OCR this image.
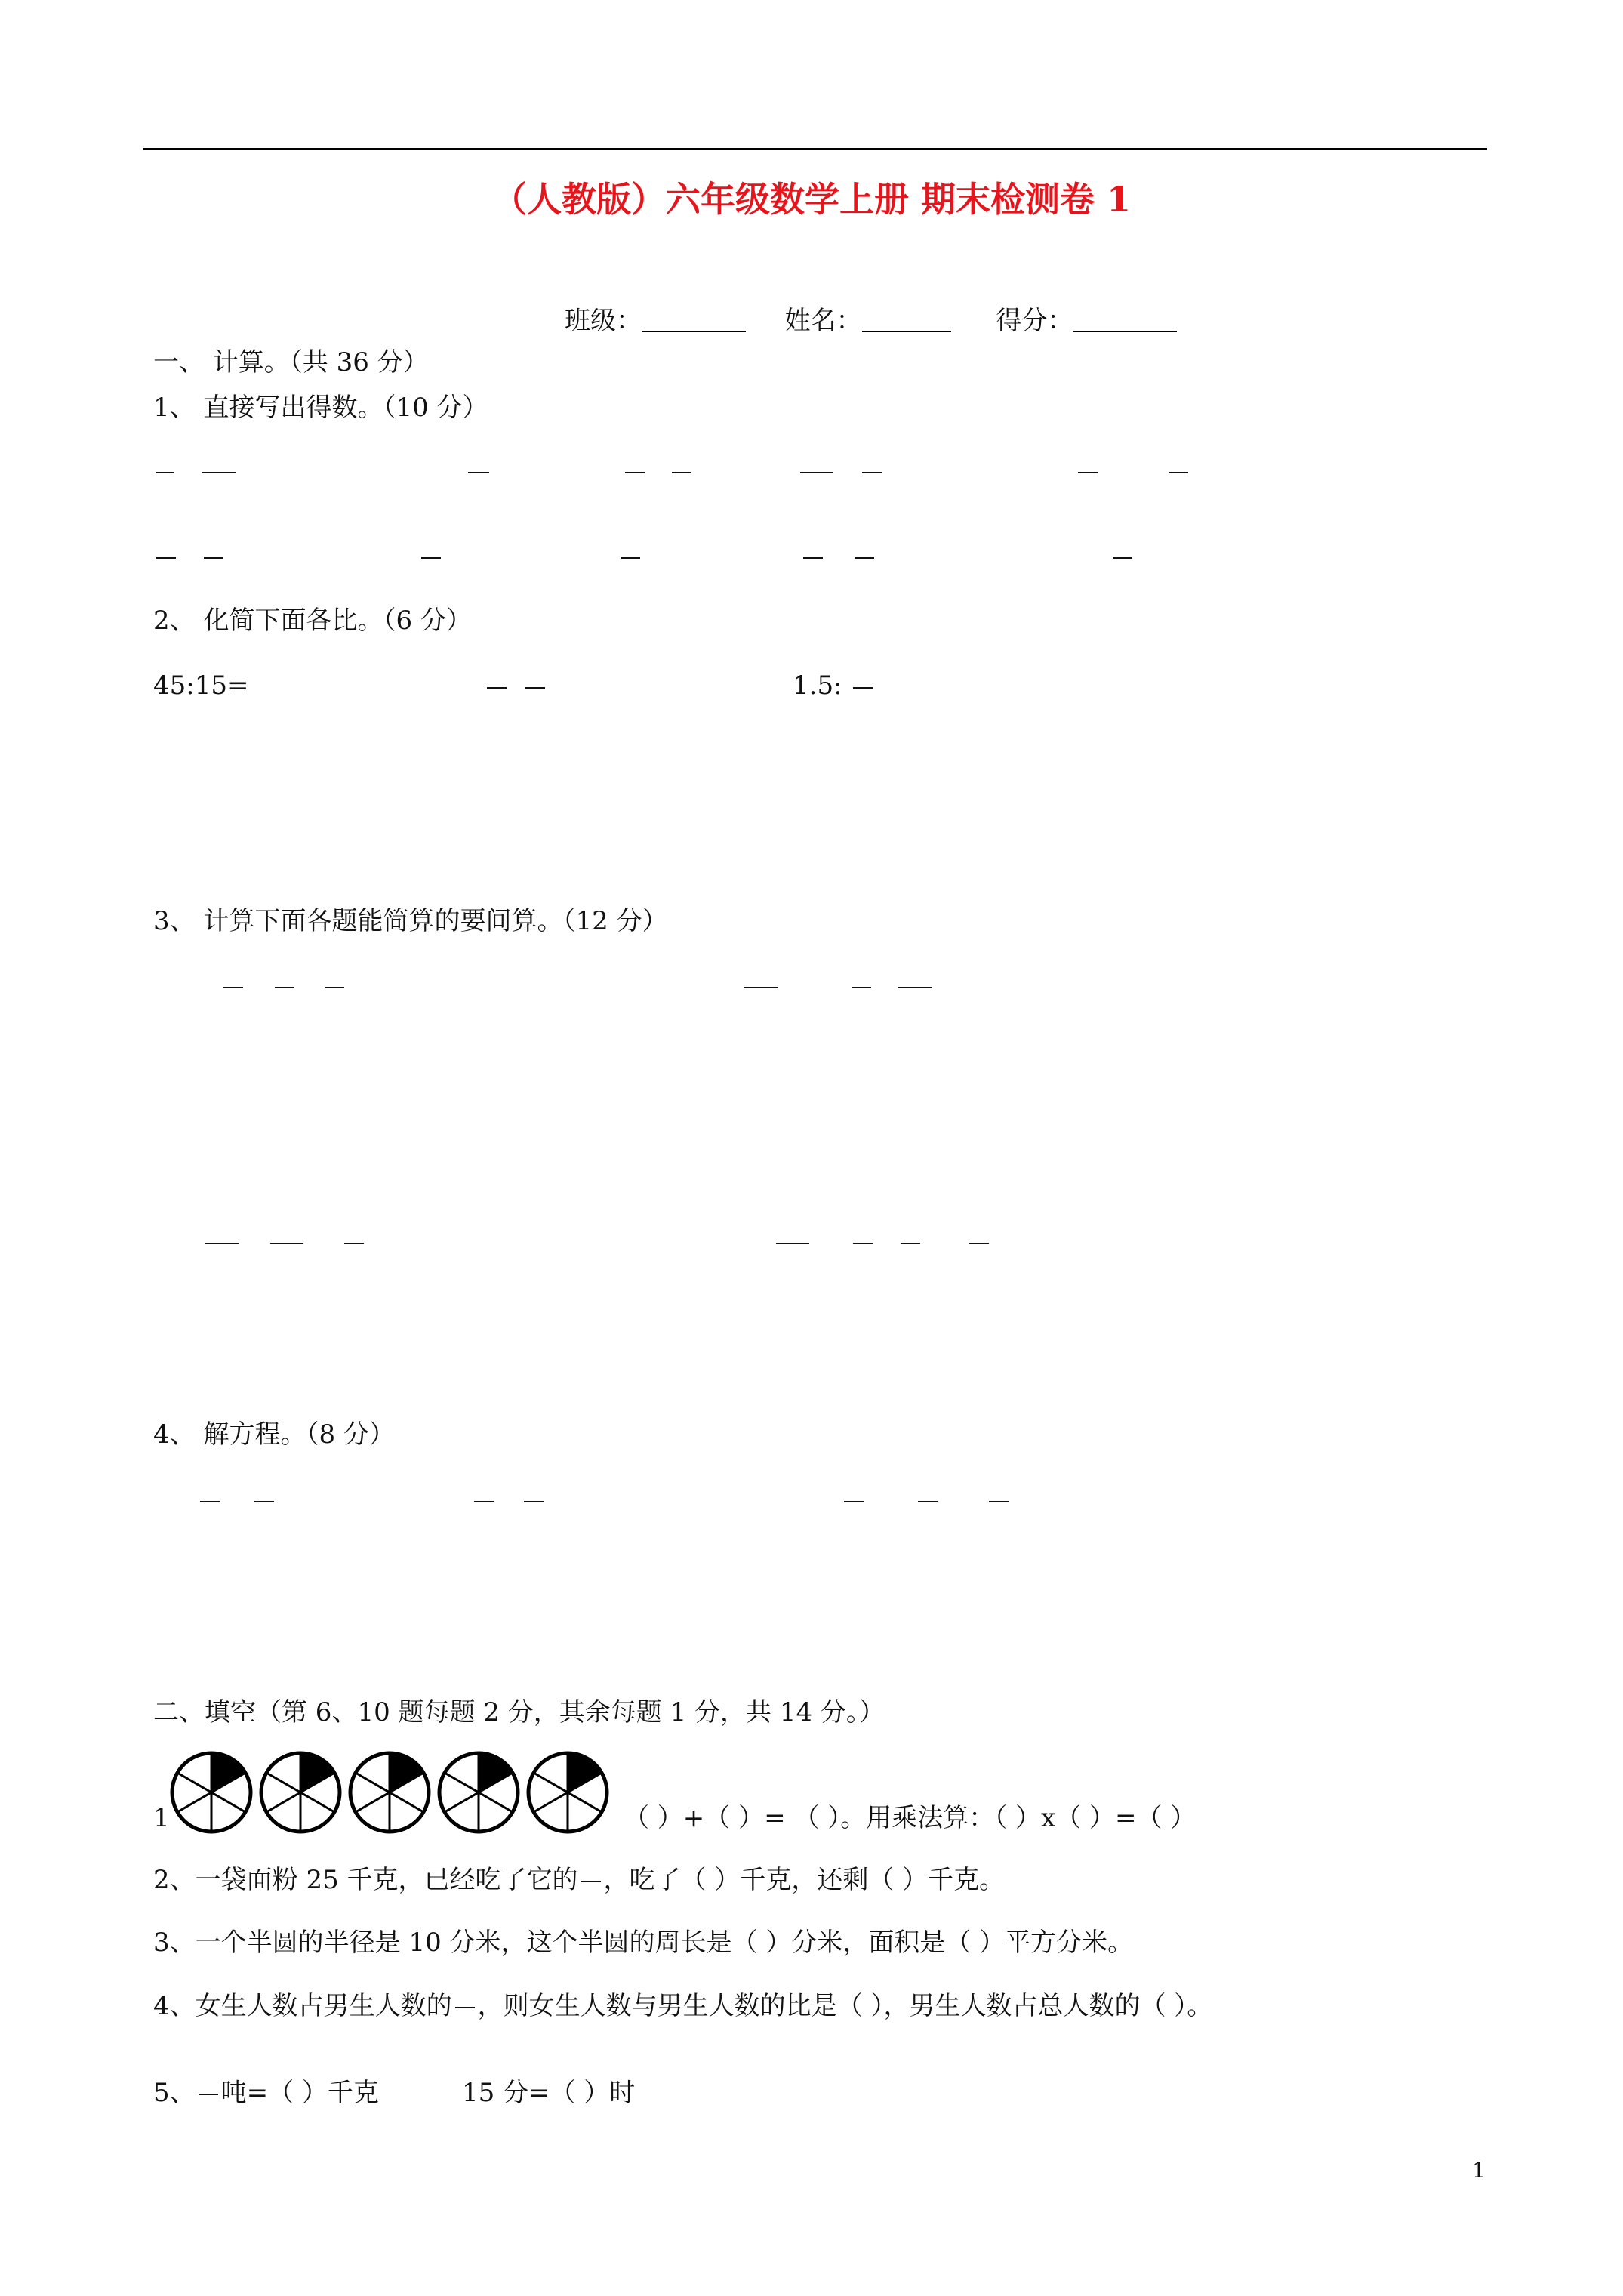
（人教版）六年级数学上册 期末检测卷 1
班级：	姓名：	得分：
一、 计算。（共 36 分）
1、 直接写出得数。（10 分）
2、 化简下面各比。（6 分）
45:15=	1.5:
3、 计算下面各题能简算的要间算。（12 分）
4、 解方程。（8 分）
二、填空（第 6、10 题每题 2 分，其余每题 1 分，共 14 分。）
1	（ ）+（ ）= （ ）。用乘法算：（ ）x（ ）=（ ）
2、一袋面粉 25 千克，已经吃了它的 ，吃了（ ）千克，还剩（ ）千克。
3、一个半圆的半径是 10 分米，这个半圆的周长是（ ）分米，面积是（ ）平方分米。
4、女生人数占男生人数的 ，则女生人数与男生人数的比是（ ），男生人数占总人数的（ ）。
5、 吨=（ ）千克	15 分=（ ）时
1
